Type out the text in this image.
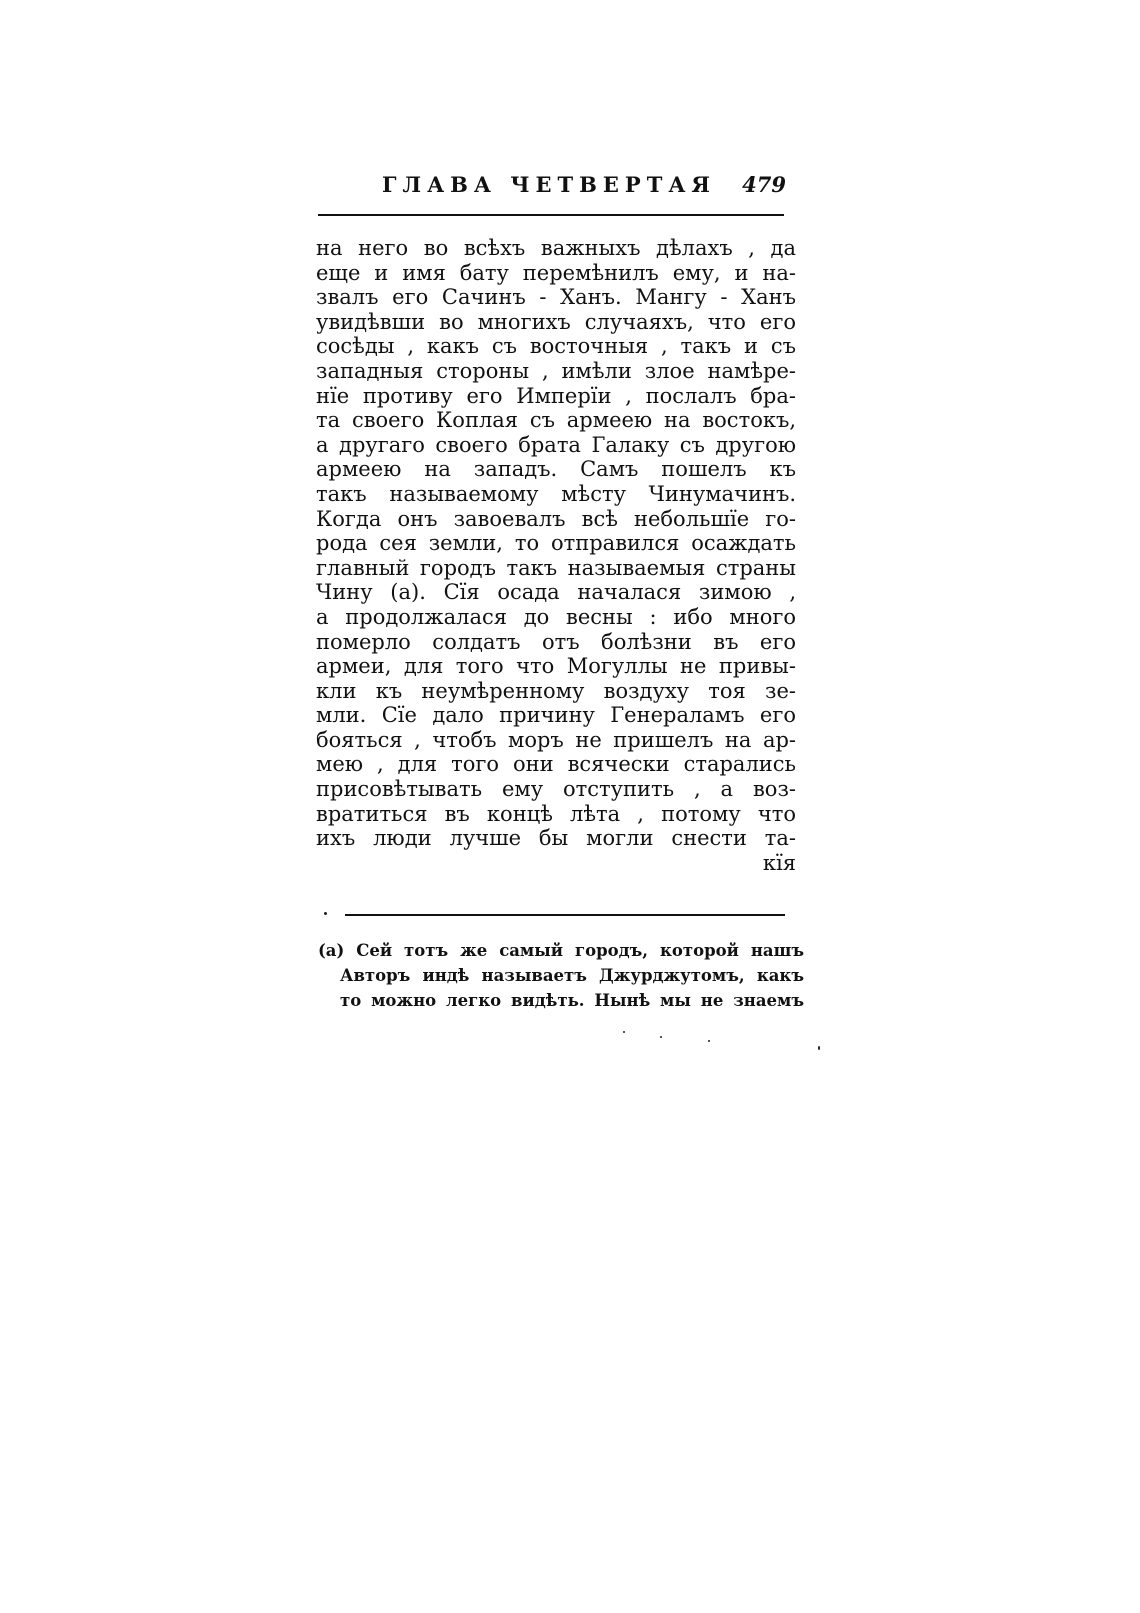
ГЛАВА ЧЕТВЕРТАЯ 479
на него во всѣхъ важныхъ дѣлахъ , да
еще и имя бату перемѣнилъ ему, и на-
звалъ его Сачинъ - Ханъ. Мангу - Ханъ
увидѣвши во многихъ случаяхъ, что его
сосѣды , какъ съ восточныя , такъ и съ
западныя стороны , имѣли злое намѣре-
нїе противу его Имперїи , послалъ бра-
та своего Коплая съ армеею на востокъ,
а другаго своего брата Галаку съ другою
армеею на западъ. Самъ пошелъ къ
такъ называемому мѣсту Чинумачинъ.
Когда онъ завоевалъ всѣ небольшїе го-
рода сея земли, то отправился осаждать
главный городъ такъ называемыя страны
Чину (а). Сїя осада началася зимою ,
а продолжалася до весны : ибо много
померло солдатъ отъ болѣзни въ его
армеи, для того что Могуллы не привы-
кли къ неумѣренному воздуху тоя зе-
мли. Сїе дало причину Генераламъ его
бояться , чтобъ моръ не пришелъ на ар-
мею , для того они всячески старались
присовѣтывать ему отступить , а воз-
вратиться въ концѣ лѣта , потому что
ихъ люди лучше бы могли снести та-
кїя
(а) Сей тотъ же самый городъ, которой нашъ
Авторъ индѣ называетъ Джурджутомъ, какъ
то можно легко видѣть. Нынѣ мы не знаемъ
